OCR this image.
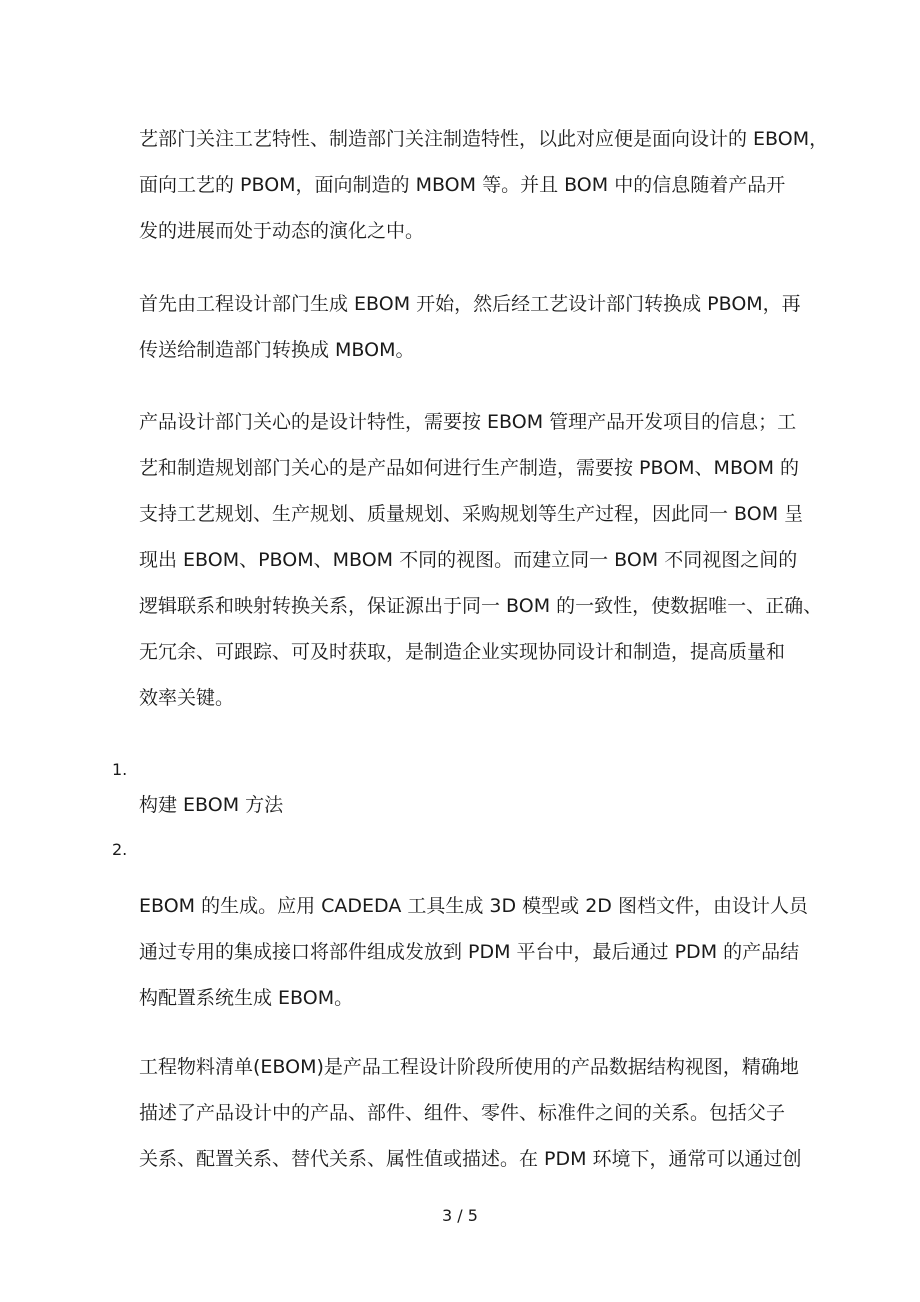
艺部门关注工艺特性、制造部门关注制造特性，以此对应便是面向设计的 EBOM，
面向工艺的 PBOM，面向制造的 MBOM 等。并且 BOM 中的信息随着产品开
发的进展而处于动态的演化之中。
首先由工程设计部门生成 EBOM 开始，然后经工艺设计部门转换成 PBOM，再
传送给制造部门转换成 MBOM。
产品设计部门关心的是设计特性，需要按 EBOM 管理产品开发项目的信息；工
艺和制造规划部门关心的是产品如何进行生产制造，需要按 PBOM、MBOM 的
支持工艺规划、生产规划、质量规划、采购规划等生产过程，因此同一 BOM 呈
现出 EBOM、PBOM、MBOM 不同的视图。而建立同一 BOM 不同视图之间的
逻辑联系和映射转换关系，保证源出于同一 BOM 的一致性，使数据唯一、正确、
无冗余、可跟踪、可及时获取，是制造企业实现协同设计和制造，提高质量和
效率关键。
1.
构建 EBOM 方法
2.
EBOM 的生成。应用 CADEDA 工具生成 3D 模型或 2D 图档文件，由设计人员
通过专用的集成接口将部件组成发放到 PDM 平台中，最后通过 PDM 的产品结
构配置系统生成 EBOM。
工程物料清单(EBOM)是产品工程设计阶段所使用的产品数据结构视图，精确地
描述了产品设计中的产品、部件、组件、零件、标准件之间的关系。包括父子
关系、配置关系、替代关系、属性值或描述。在 PDM 环境下，通常可以通过创
3 / 5
